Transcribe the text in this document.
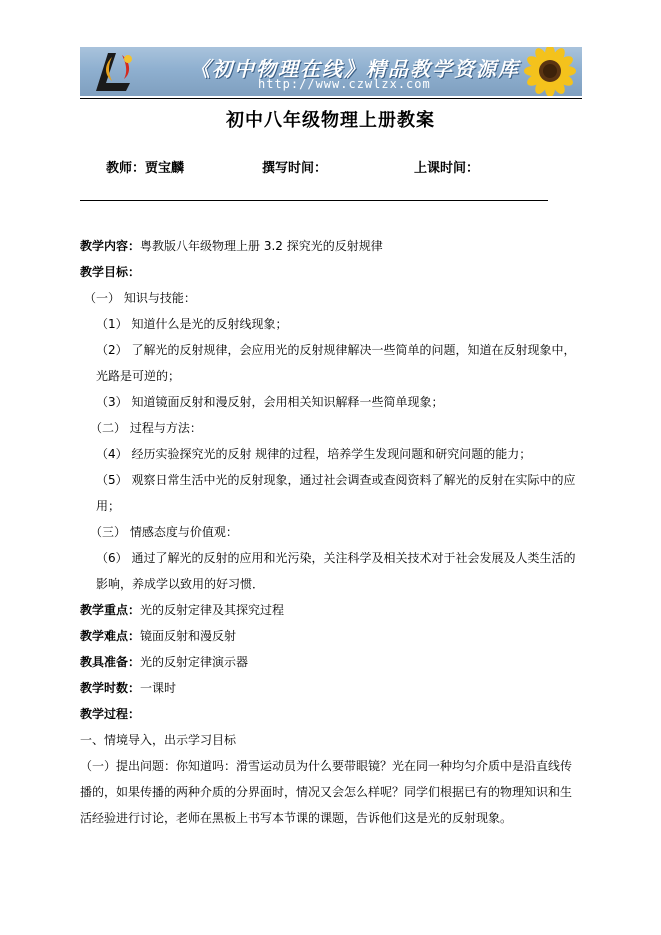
《初中物理在线》精品教学资源库
http://www.czwlzx.com
初中八年级物理上册教案
教师：贾宝麟	撰写时间：	上课时间：

教学内容：粤教版八年级物理上册 3.2 探究光的反射规律

教学目标：

（一） 知识与技能：

（1） 知道什么是光的反射线现象；

（2） 了解光的反射规律，会应用光的反射规律解决一些简单的问题，知道在反射现象中，光路是可逆的；

（3） 知道镜面反射和漫反射，会用相关知识解释一些简单现象；

（二） 过程与方法：

（4） 经历实验探究光的反射 规律的过程，培养学生发现问题和研究问题的能力；

（5） 观察日常生活中光的反射现象，通过社会调查或查阅资料了解光的反射在实际中的应用；

（三） 情感态度与价值观：

（6） 通过了解光的反射的应用和光污染，关注科学及相关技术对于社会发展及人类生活的影响，养成学以致用的好习惯．

教学重点：光的反射定律及其探究过程

教学难点：镜面反射和漫反射

教具准备：光的反射定律演示器

教学时数：一课时

教学过程：

一、情境导入，出示学习目标

（一）提出问题：你知道吗：滑雪运动员为什么要带眼镜？光在同一种均匀介质中是沿直线传播的，如果传播的两种介质的分界面时，情况又会怎么样呢？同学们根据已有的物理知识和生活经验进行讨论，老师在黑板上书写本节课的课题，告诉他们这是光的反射现象。
